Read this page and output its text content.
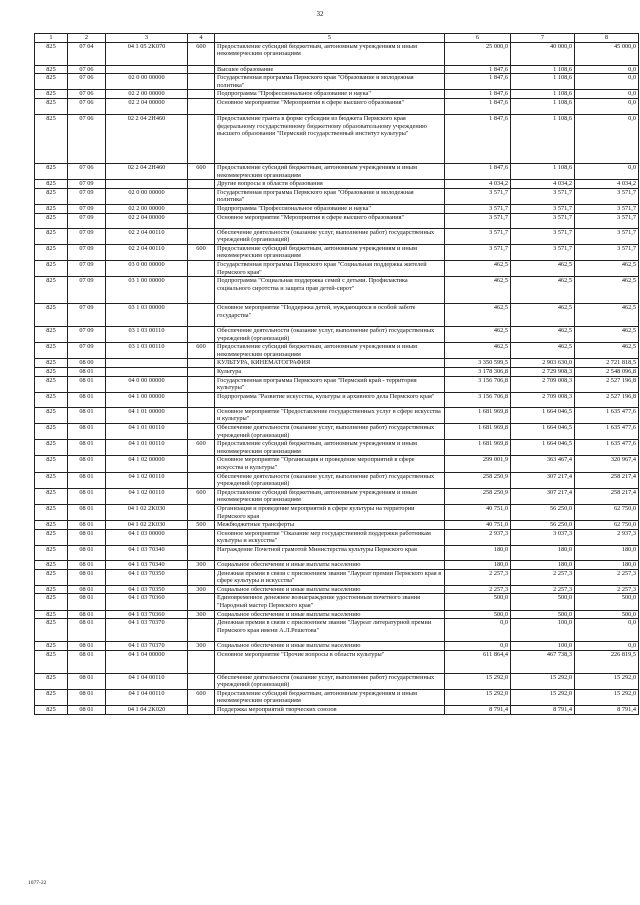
32
1	2	3	4	5	6	7	8
825	07 04	04 1 05 2K070	600	Предоставление субсидий бюджетным, автономным учреждениям и иным некоммерческим организациям	25 000,0	40 000,0	45 000,0
825	07 06			Высшее образование	1 847,6	1 108,6	0,0
825	07 06	02 0 00 00000		Государственная программа Пермского края "Образование и молодежная политика"	1 847,6	1 108,6	0,0
825	07 06	02 2 00 00000		Подпрограмма "Профессиональное образование и наука"	1 847,6	1 108,6	0,0
825	07 06	02 2 04 00000		Основное мероприятие "Мероприятия в сфере высшего образования"	1 847,6	1 108,6	0,0
825	07 06	02 2 04 2Н460		Предоставление гранта в форме субсидии из бюджета Пермского края федеральному государственному бюджетному образовательному учреждению высшего образования "Пермский государственный институт культуры"	1 847,6	1 108,6	0,0
825	07 06	02 2 04 2Н460	600	Предоставление субсидий бюджетным, автономным учреждениям и иным некоммерческим организациям	1 847,6	1 108,6	0,0
825	07 09			Другие вопросы в области образования	4 034,2	4 034,2	4 034,2
825	07 09	02 0 00 00000		Государственная программа Пермского края "Образование и молодежная политика"	3 571,7	3 571,7	3 571,7
825	07 09	02 2 00 00000		Подпрограмма "Профессиональное образование и наука"	3 571,7	3 571,7	3 571,7
825	07 09	02 2 04 00000		Основное мероприятие "Мероприятия в сфере высшего образования"	3 571,7	3 571,7	3 571,7
825	07 09	02 2 04 00110		Обеспечение деятельности (оказание услуг, выполнение работ) государственных учреждений (организаций)	3 571,7	3 571,7	3 571,7
825	07 09	02 2 04 00110	600	Предоставление субсидий бюджетным, автономным учреждениям и иным некоммерческим организациям	3 571,7	3 571,7	3 571,7
825	07 09	03 0 00 00000		Государственная программа Пермского края "Социальная поддержка жителей Пермского края"	462,5	462,5	462,5
825	07 09	03 1 00 00000		Подпрограмма "Социальная поддержка семей с детьми. Профилактика социального сиротства и защита прав детей-сирот"	462,5	462,5	462,5
825	07 09	03 1 03 00000		Основное мероприятие "Поддержка детей, нуждающихся в особой заботе государства"	462,5	462,5	462,5
825	07 09	03 1 03 00110		Обеспечение деятельности (оказание услуг, выполнение работ) государственных учреждений (организаций)	462,5	462,5	462,5
825	07 09	03 1 03 00110	600	Предоставление субсидий бюджетным, автономным учреждениям и иным некоммерческим организациям	462,5	462,5	462,5
825	08 00			КУЛЬТУРА, КИНЕМАТОГРАФИЯ	3 350 599,5	2 903 630,0	2 721 818,5
825	08 01			Культура	3 178 306,8	2 729 908,3	2 548 096,8
825	08 01	04 0 00 00000		Государственная программа Пермского края "Пермский край - территория культуры"	3 156 706,8	2 709 008,3	2 527 196,8
825	08 01	04 1 00 00000		Подпрограмма "Развитие искусства, культуры и архивного дела Пермского края"	3 156 706,8	2 709 008,3	2 527 196,8
825	08 01	04 1 01 00000		Основное мероприятие "Предоставление государственных услуг в сфере искусства и культуры"	1 681 969,8	1 664 046,5	1 635 477,6
825	08 01	04 1 01 00110		Обеспечение деятельности (оказание услуг, выполнение работ) государственных учреждений (организаций)	1 681 969,8	1 664 046,5	1 635 477,6
825	08 01	04 1 01 00110	600	Предоставление субсидий бюджетным, автономным учреждениям и иным некоммерческим организациям	1 681 969,8	1 664 046,5	1 635 477,6
825	08 01	04 1 02 00000		Основное мероприятие "Организация и проведение мероприятий в сфере искусства и культуры"	299 001,9	363 467,4	320 967,4
825	08 01	04 1 02 00110		Обеспечение деятельности (оказание услуг, выполнение работ) государственных учреждений (организаций)	258 250,9	307 217,4	258 217,4
825	08 01	04 1 02 00110	600	Предоставление субсидий бюджетным, автономным учреждениям и иным некоммерческим организациям	258 250,9	307 217,4	258 217,4
825	08 01	04 1 02 2K030		Организация и проведение мероприятий в сфере культуры на территории Пермского края	40 751,0	56 250,0	62 750,0
825	08 01	04 1 02 2K030	500	Межбюджетные трансферты	40 751,0	56 250,0	62 750,0
825	08 01	04 1 03 00000		Основное мероприятие "Оказание мер государственной поддержки работникам культуры и искусства"	2 937,3	3 037,3	2 937,3
825	08 01	04 1 03 70340		Награждение Почетной грамотой Министерства культуры Пермского края	180,0	180,0	180,0
825	08 01	04 1 03 70340	300	Социальное обеспечение и иные выплаты населению	180,0	180,0	180,0
825	08 01	04 1 03 70350		Денежная премия в связи с присвоением звания "Лауреат премии Пермского края в сфере культуры и искусства"	2 257,3	2 257,3	2 257,3
825	08 01	04 1 03 70350	300	Социальное обеспечение и иные выплаты населению	2 257,3	2 257,3	2 257,3
825	08 01	04 1 03 70360		Единовременное денежное вознаграждение удостоенным почетного звания "Народный мастер Пермского края"	500,0	500,0	500,0
825	08 01	04 1 03 70360	300	Социальное обеспечение и иные выплаты населению	500,0	500,0	500,0
825	08 01	04 1 03 70370		Денежная премия в связи с присвоением звания "Лауреат литературной премии Пермского края имени А.Л.Решетова"	0,0	100,0	0,0
825	08 01	04 1 03 70370	300	Социальное обеспечение и иные выплаты населению	0,0	100,0	0,0
825	08 01	04 1 04 00000		Основное мероприятие "Прочие вопросы в области культуры"	611 864,4	467 738,3	226 819,5
825	08 01	04 1 04 00110		Обеспечение деятельности (оказание услуг, выполнение работ) государственных учреждений (организаций)	15 292,0	15 292,0	15 292,0
825	08 01	04 1 04 00110	600	Предоставление субсидий бюджетным, автономным учреждениям и иным некоммерческим организациям	15 292,0	15 292,0	15 292,0
825	08 01	04 1 04 2K020		Поддержка мероприятий творческих союзов	8 791,4	8 791,4	8 791,4
1077-22
